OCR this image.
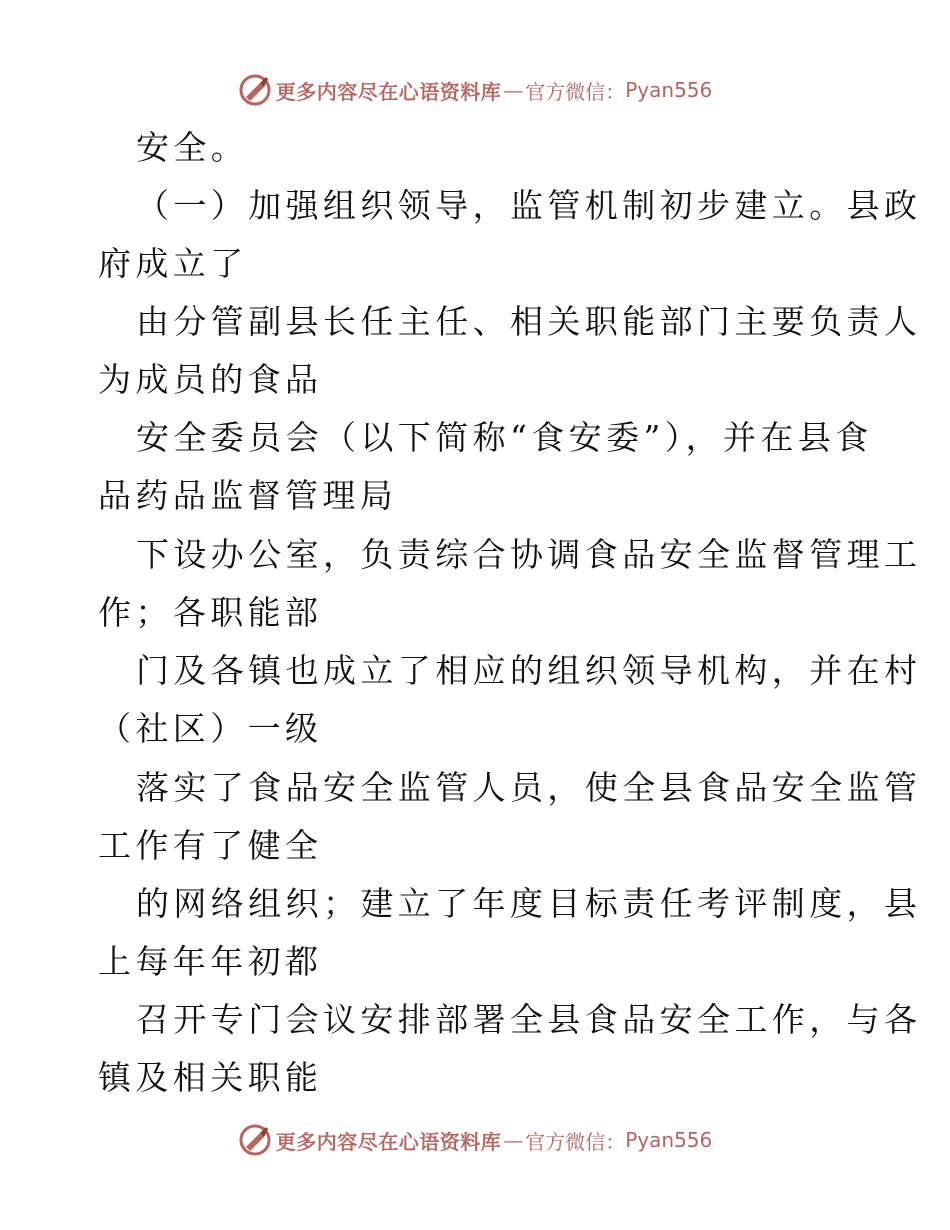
更多内容尽在心语资料库 — 官方微信： Pyan556
安全。
（一）加强组织领导，监管机制初步建立。县政
府成立了
由分管副县长任主任、相关职能部门主要负责人
为成员的食品
安全委员会（以下简称“食安委”），并在县食
品药品监督管理局
下设办公室，负责综合协调食品安全监督管理工
作；各职能部
门及各镇也成立了相应的组织领导机构，并在村
（社区）一级
落实了食品安全监管人员，使全县食品安全监管
工作有了健全
的网络组织；建立了年度目标责任考评制度，县
上每年年初都
召开专门会议安排部署全县食品安全工作，与各
镇及相关职能
更多内容尽在心语资料库 — 官方微信： Pyan556
